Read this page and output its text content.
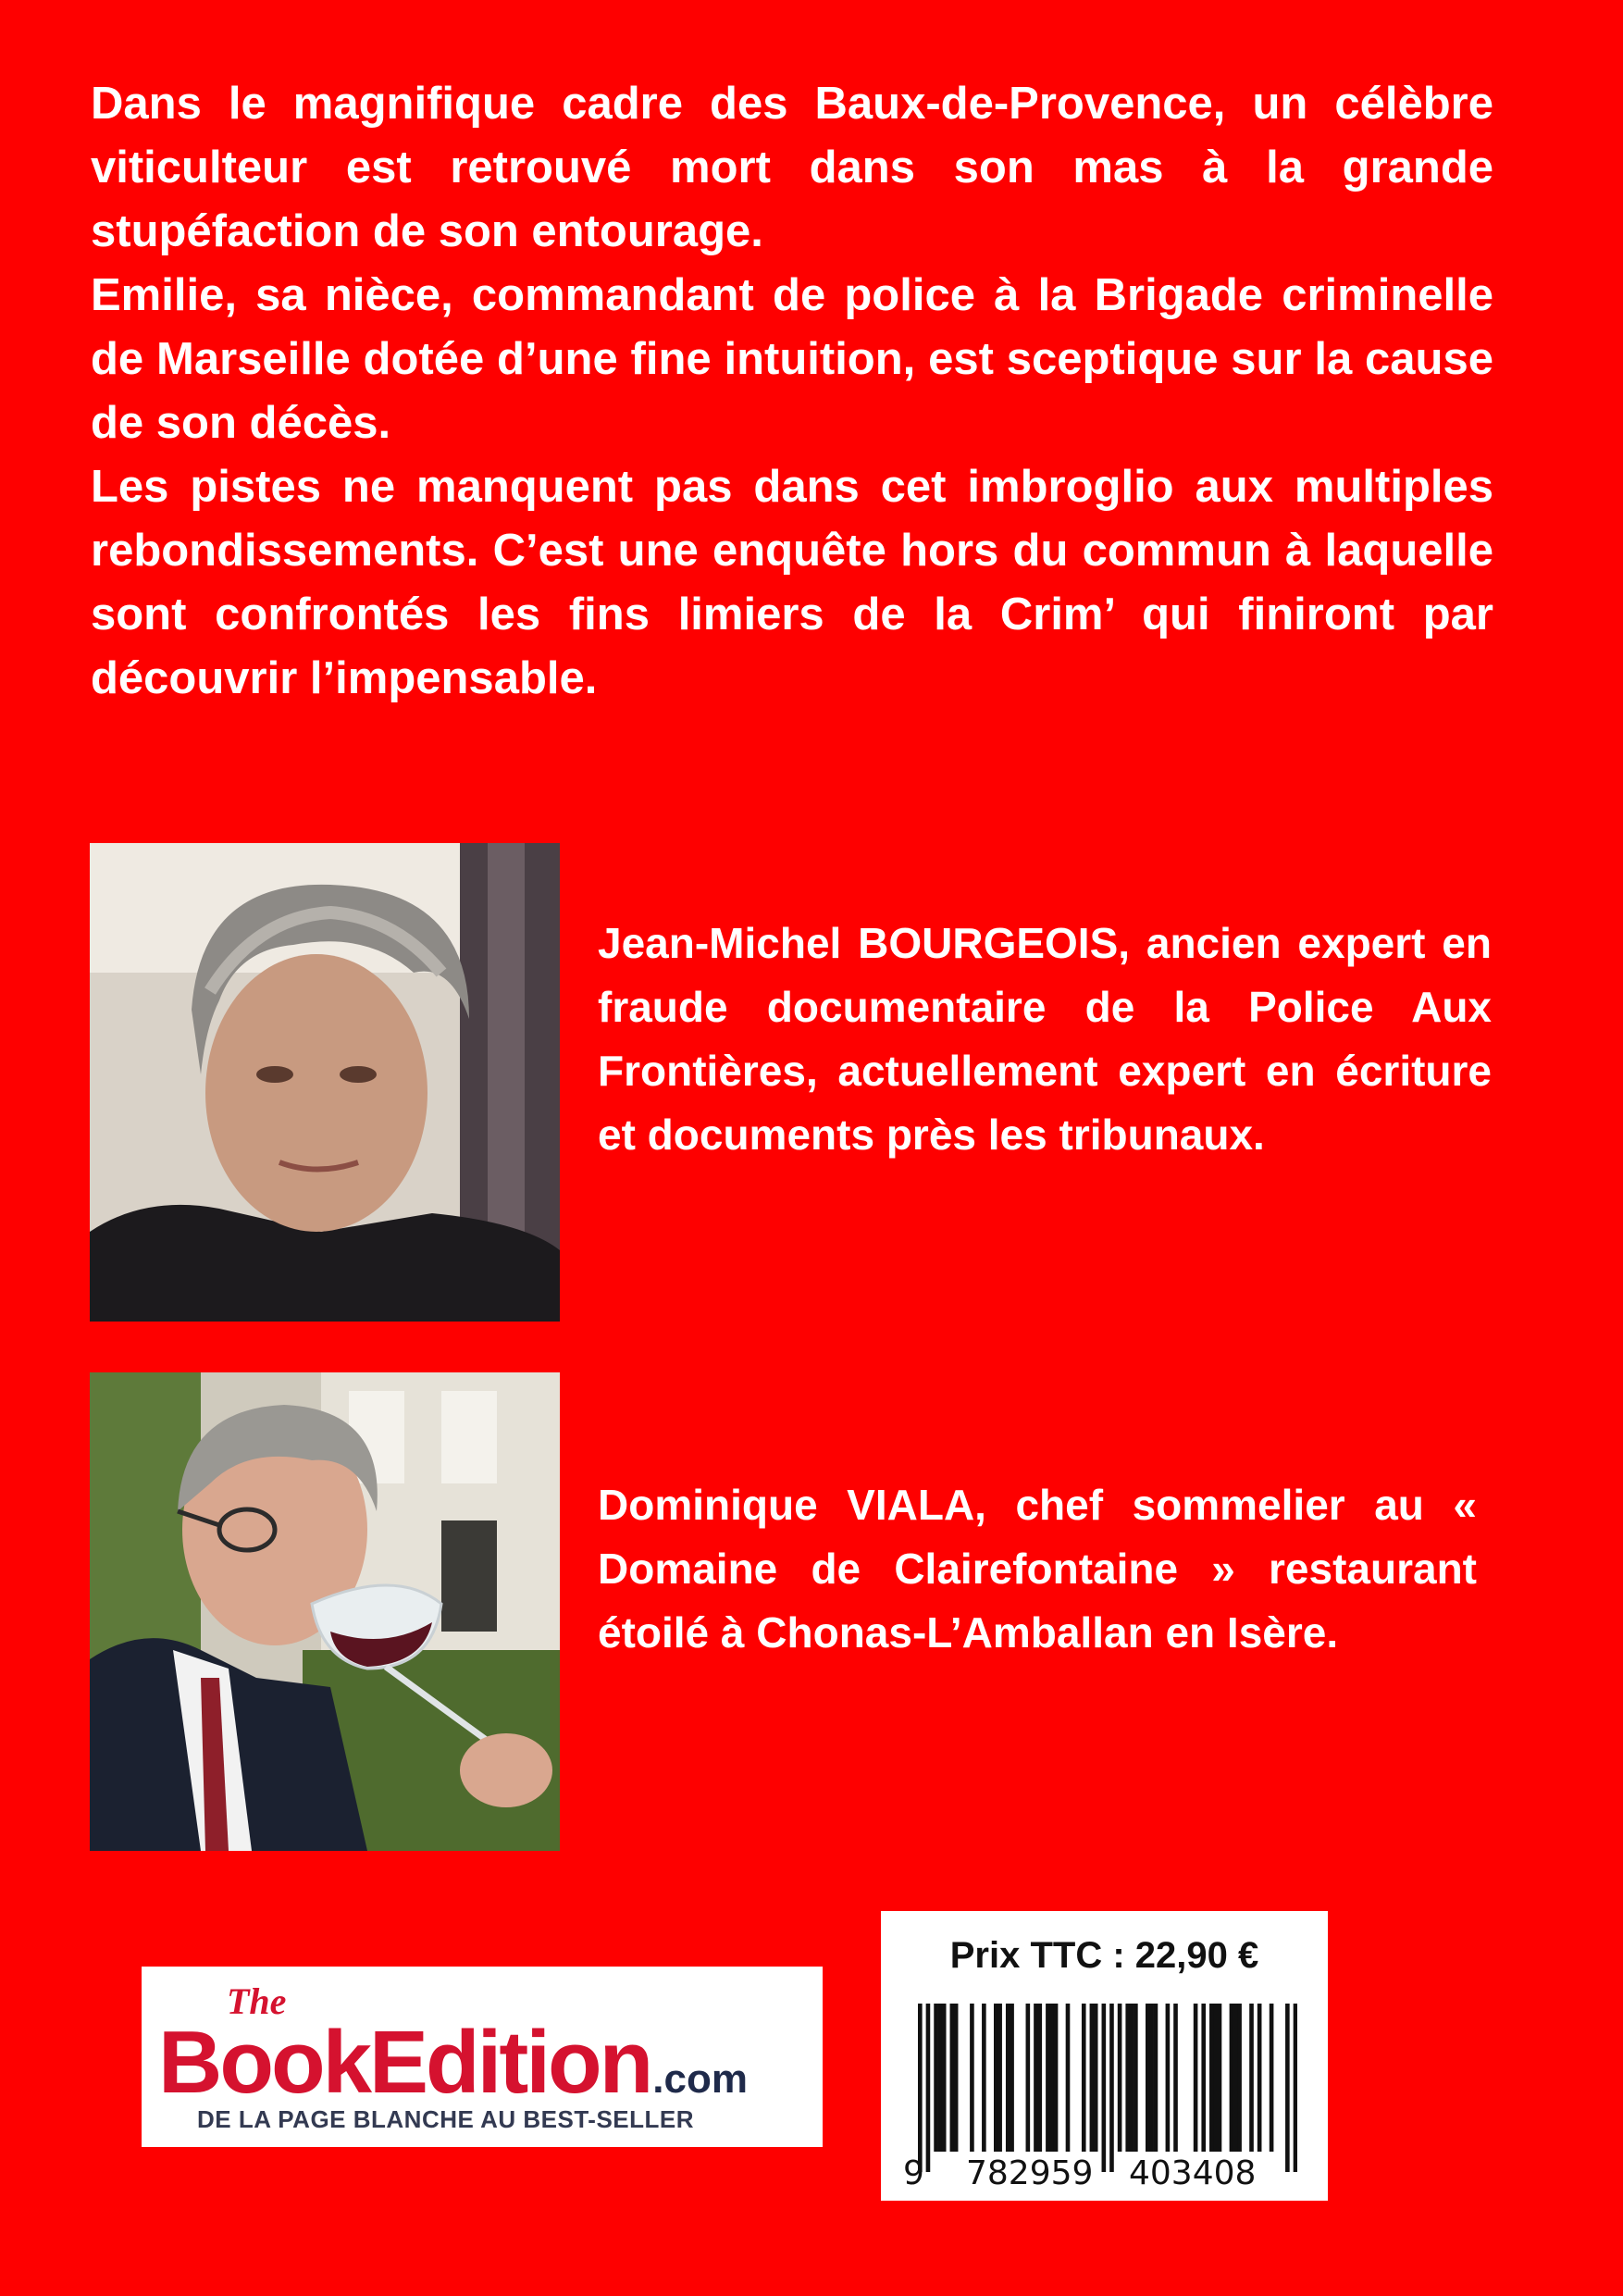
Dans le magnifique cadre des Baux-de-Provence, un célèbre viticulteur est retrouvé mort dans son mas à la grande stupéfaction de son entourage.

Emilie, sa nièce, commandant de police à la Brigade criminelle de Marseille dotée d’une fine intuition, est sceptique sur la cause de son décès.

Les pistes ne manquent pas dans cet imbroglio aux multiples rebondissements. C’est une enquête hors du commun à laquelle sont confrontés les fins limiers de la Crim’ qui finiront par découvrir l’impensable.

Jean-Michel BOURGEOIS, ancien expert en fraude documentaire de la Police Aux Frontières, actuellement expert en écriture et documents près les tribunaux.
Dominique VIALA, chef sommelier au « Domaine de Clairefontaine » restaurant étoilé à Chonas-L’Amballan en Isère.
The
BookEdition.com
DE LA PAGE BLANCHE AU BEST-SELLER
Prix TTC : 22,90 €
9 782959	403408
